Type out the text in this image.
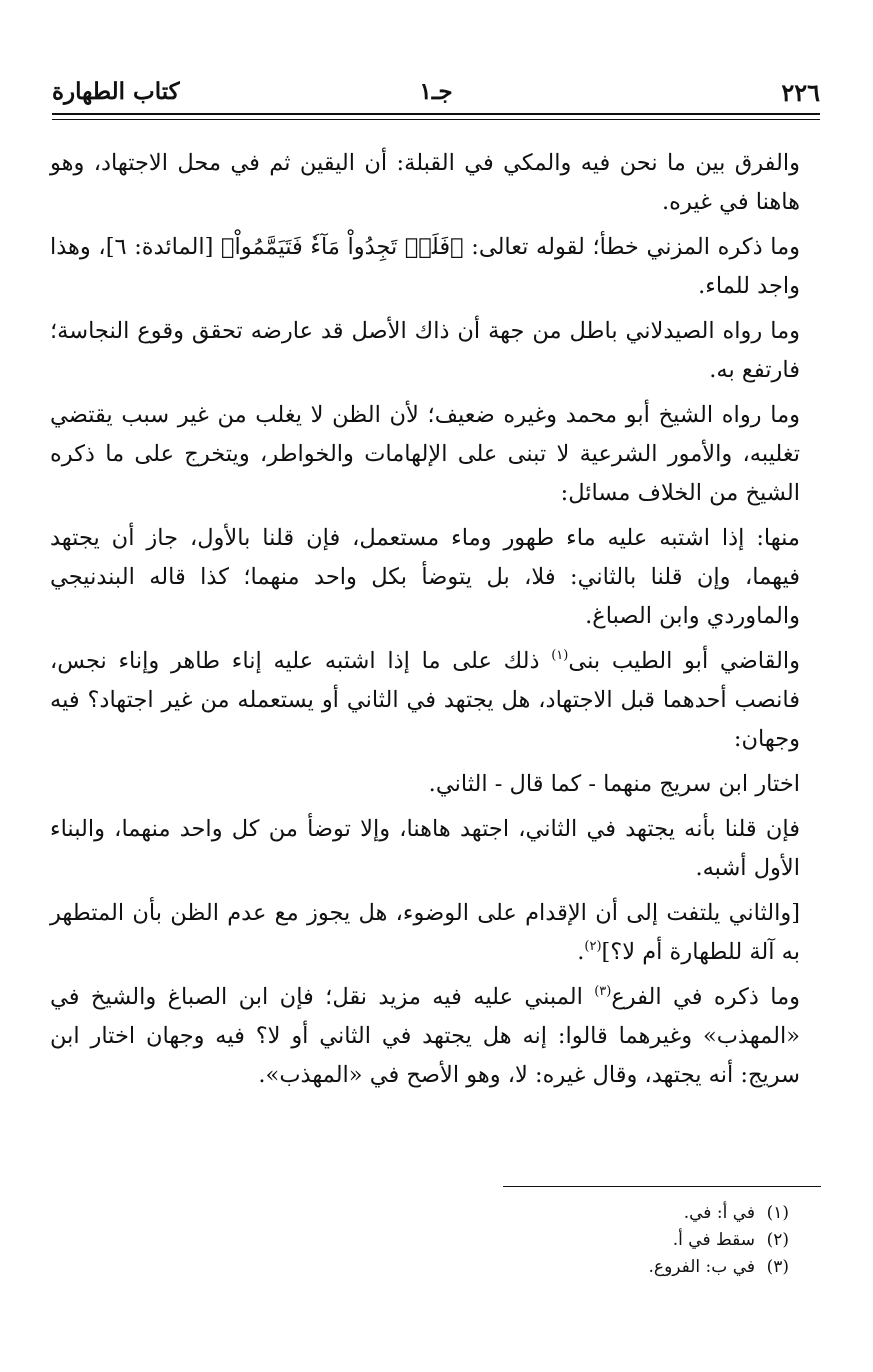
٢٢٦
جـ١
كتاب الطهارة

والفرق بين ما نحن فيه والمكي في القبلة: أن اليقين ثم في محل الاجتهاد، وهو هاهنا في غيره.

وما ذكره المزني خطأ؛ لقوله تعالى: ﴿فَلَمۡ تَجِدُواْ مَآءٗ فَتَيَمَّمُواْ﴾ [المائدة: ٦]، وهذا واجد للماء.

وما رواه الصيدلاني باطل من جهة أن ذاك الأصل قد عارضه تحقق وقوع النجاسة؛ فارتفع به.

وما رواه الشيخ أبو محمد وغيره ضعيف؛ لأن الظن لا يغلب من غير سبب يقتضي تغليبه، والأمور الشرعية لا تبنى على الإلهامات والخواطر، ويتخرج على ما ذكره الشيخ من الخلاف مسائل:

منها: إذا اشتبه عليه ماء طهور وماء مستعمل، فإن قلنا بالأول، جاز أن يجتهد فيهما، وإن قلنا بالثاني: فلا، بل يتوضأ بكل واحد منهما؛ كذا قاله البندنيجي والماوردي وابن الصباغ.

والقاضي أبو الطيب بنى$^{(١)}$ ذلك على ما إذا اشتبه عليه إناء طاهر وإناء نجس، فانصب أحدهما قبل الاجتهاد، هل يجتهد في الثاني أو يستعمله من غير اجتهاد؟ فيه وجهان:

اختار ابن سريج منهما - كما قال - الثاني.

فإن قلنا بأنه يجتهد في الثاني، اجتهد هاهنا، وإلا توضأ من كل واحد منهما، والبناء الأول أشبه.

[والثاني يلتفت إلى أن الإقدام على الوضوء، هل يجوز مع عدم الظن بأن المتطهر به آلة للطهارة أم لا؟]$^{(٢)}$.

وما ذكره في الفرع$^{(٣)}$ المبني عليه فيه مزيد نقل؛ فإن ابن الصباغ والشيخ في «المهذب» وغيرهما قالوا: إنه هل يجتهد في الثاني أو لا؟ فيه وجهان اختار ابن سريج: أنه يجتهد، وقال غيره: لا، وهو الأصح في «المهذب».

(١)في أ: في.

(٢)سقط في أ.

(٣)في ب: الفروع.
